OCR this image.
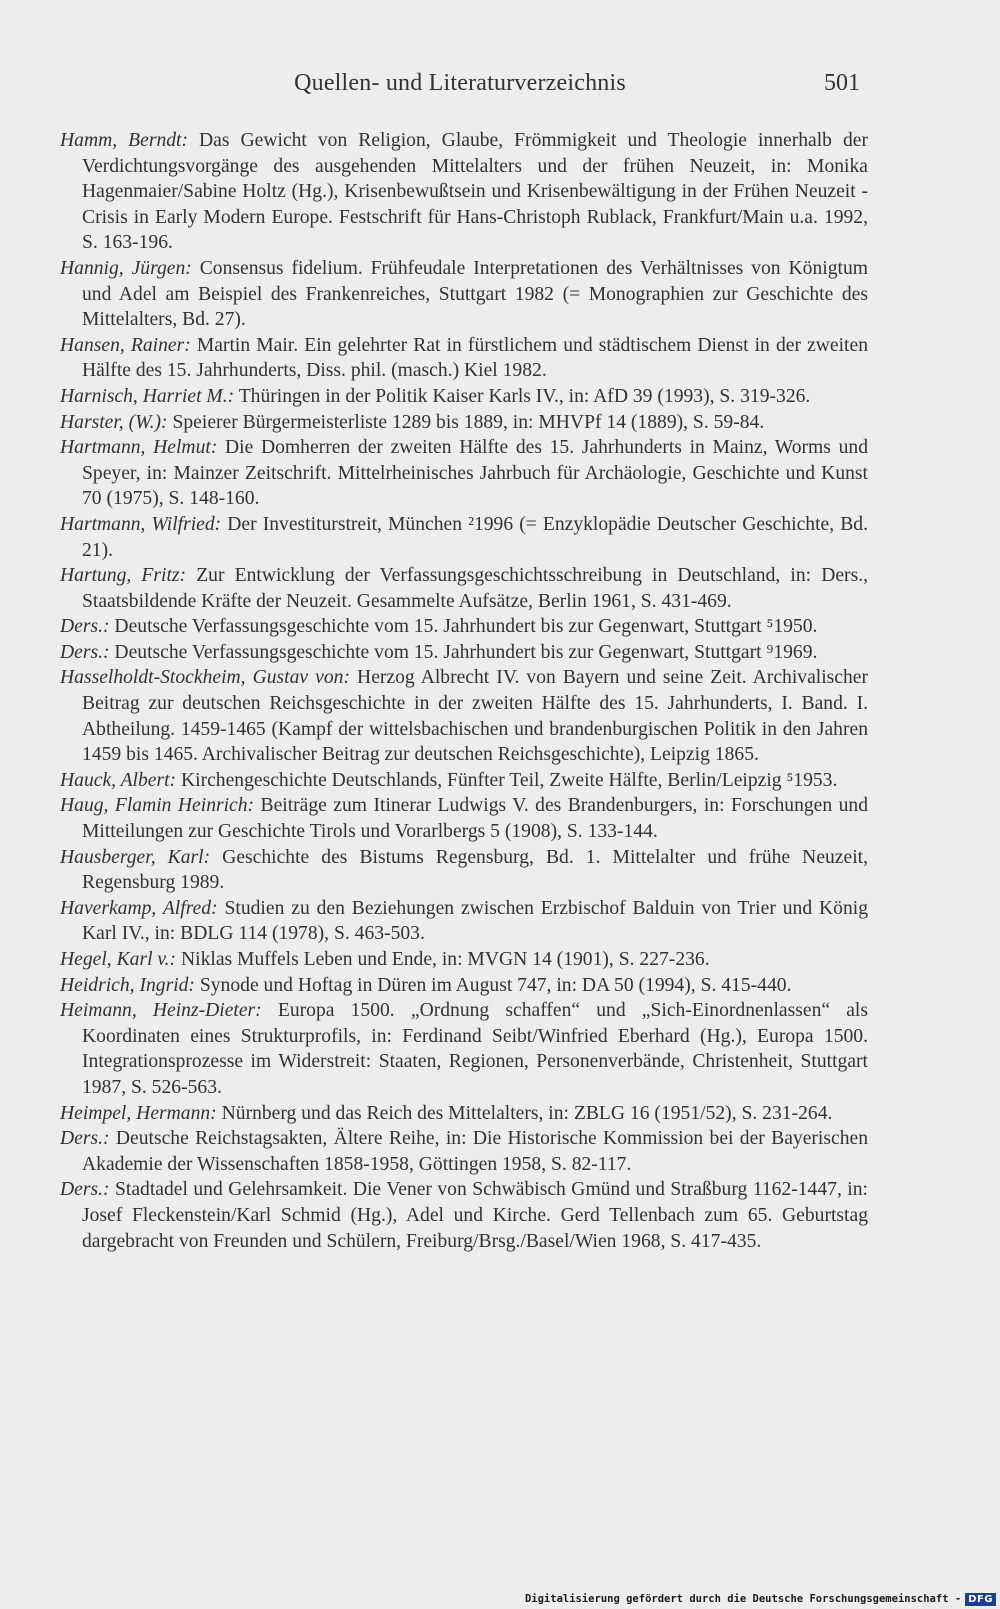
Quellen- und Literaturverzeichnis	501
Hamm, Berndt: Das Gewicht von Religion, Glaube, Frömmigkeit und Theologie innerhalb der Verdichtungsvorgänge des ausgehenden Mittelalters und der frühen Neuzeit, in: Monika Hagenmaier/Sabine Holtz (Hg.), Krisenbewußtsein und Krisenbewältigung in der Frühen Neuzeit - Crisis in Early Modern Europe. Festschrift für Hans-Christoph Rublack, Frankfurt/Main u.a. 1992, S. 163-196.
Hannig, Jürgen: Consensus fidelium. Frühfeudale Interpretationen des Verhältnisses von Königtum und Adel am Beispiel des Frankenreiches, Stuttgart 1982 (= Monographien zur Geschichte des Mittelalters, Bd. 27).
Hansen, Rainer: Martin Mair. Ein gelehrter Rat in fürstlichem und städtischem Dienst in der zweiten Hälfte des 15. Jahrhunderts, Diss. phil. (masch.) Kiel 1982.
Harnisch, Harriet M.: Thüringen in der Politik Kaiser Karls IV., in: AfD 39 (1993), S. 319-326.
Harster, (W.): Speierer Bürgermeisterliste 1289 bis 1889, in: MHVPf 14 (1889), S. 59-84.
Hartmann, Helmut: Die Domherren der zweiten Hälfte des 15. Jahrhunderts in Mainz, Worms und Speyer, in: Mainzer Zeitschrift. Mittelrheinisches Jahrbuch für Archäologie, Geschichte und Kunst 70 (1975), S. 148-160.
Hartmann, Wilfried: Der Investiturstreit, München ²1996 (= Enzyklopädie Deutscher Geschichte, Bd. 21).
Hartung, Fritz: Zur Entwicklung der Verfassungsgeschichtsschreibung in Deutschland, in: Ders., Staatsbildende Kräfte der Neuzeit. Gesammelte Aufsätze, Berlin 1961, S. 431-469.
Ders.: Deutsche Verfassungsgeschichte vom 15. Jahrhundert bis zur Gegenwart, Stuttgart ⁵1950.
Ders.: Deutsche Verfassungsgeschichte vom 15. Jahrhundert bis zur Gegenwart, Stuttgart ⁹1969.
Hasselholdt-Stockheim, Gustav von: Herzog Albrecht IV. von Bayern und seine Zeit. Archivalischer Beitrag zur deutschen Reichsgeschichte in der zweiten Hälfte des 15. Jahrhunderts, I. Band. I. Abtheilung. 1459-1465 (Kampf der wittelsbachischen und brandenburgischen Politik in den Jahren 1459 bis 1465. Archivalischer Beitrag zur deutschen Reichsgeschichte), Leipzig 1865.
Hauck, Albert: Kirchengeschichte Deutschlands, Fünfter Teil, Zweite Hälfte, Berlin/Leipzig ⁵1953.
Haug, Flamin Heinrich: Beiträge zum Itinerar Ludwigs V. des Brandenburgers, in: Forschungen und Mitteilungen zur Geschichte Tirols und Vorarlbergs 5 (1908), S. 133-144.
Hausberger, Karl: Geschichte des Bistums Regensburg, Bd. 1. Mittelalter und frühe Neuzeit, Regensburg 1989.
Haverkamp, Alfred: Studien zu den Beziehungen zwischen Erzbischof Balduin von Trier und König Karl IV., in: BDLG 114 (1978), S. 463-503.
Hegel, Karl v.: Niklas Muffels Leben und Ende, in: MVGN 14 (1901), S. 227-236.
Heidrich, Ingrid: Synode und Hoftag in Düren im August 747, in: DA 50 (1994), S. 415-440.
Heimann, Heinz-Dieter: Europa 1500. „Ordnung schaffen“ und „Sich-Einordnenlassen“ als Koordinaten eines Strukturprofils, in: Ferdinand Seibt/Winfried Eberhard (Hg.), Europa 1500. Integrationsprozesse im Widerstreit: Staaten, Regionen, Personenverbände, Christenheit, Stuttgart 1987, S. 526-563.
Heimpel, Hermann: Nürnberg und das Reich des Mittelalters, in: ZBLG 16 (1951/52), S. 231-264.
Ders.: Deutsche Reichstagsakten, Ältere Reihe, in: Die Historische Kommission bei der Bayerischen Akademie der Wissenschaften 1858-1958, Göttingen 1958, S. 82-117.
Ders.: Stadtadel und Gelehrsamkeit. Die Vener von Schwäbisch Gmünd und Straßburg 1162-1447, in: Josef Fleckenstein/Karl Schmid (Hg.), Adel und Kirche. Gerd Tellenbach zum 65. Geburtstag dargebracht von Freunden und Schülern, Freiburg/Brsg./Basel/Wien 1968, S. 417-435.
Digitalisierung gefördert durch die Deutsche Forschungsgemeinschaft - DFG
